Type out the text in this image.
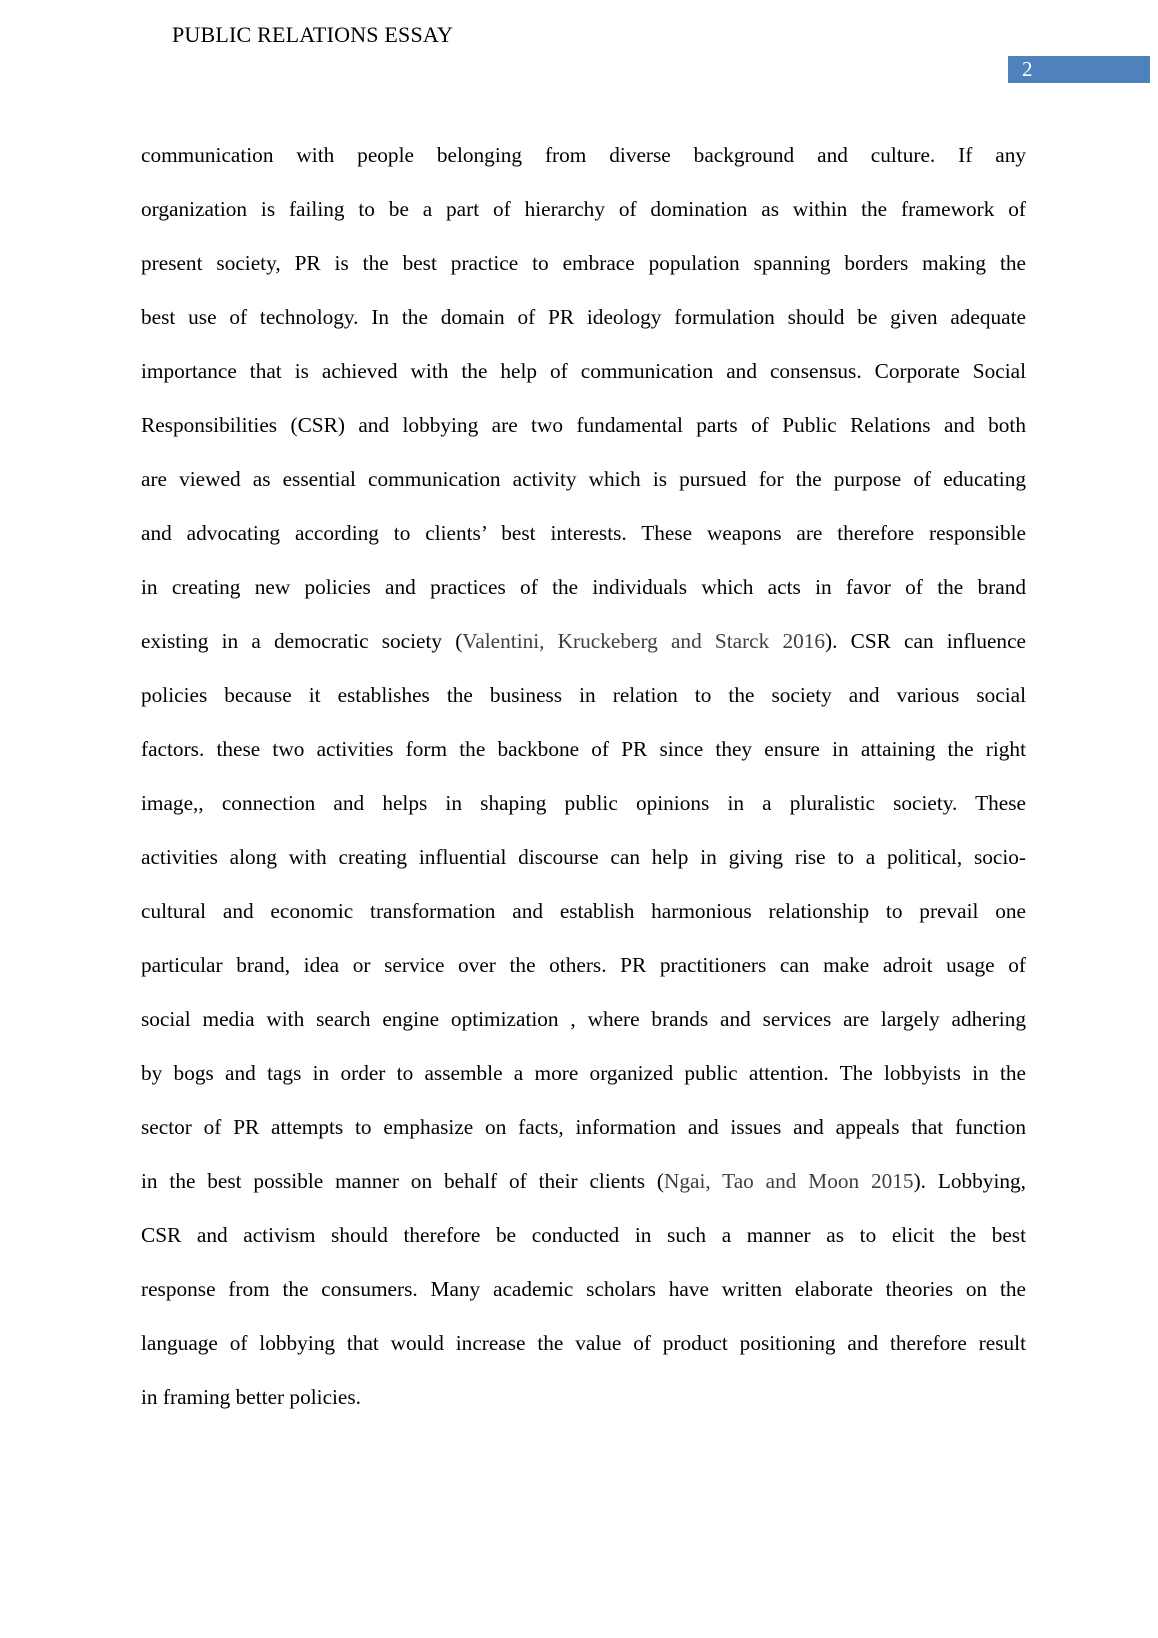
PUBLIC RELATIONS ESSAY
2
communication with people belonging from diverse background and culture. If any
organization is failing to be a part of hierarchy of domination as within the framework of
present society, PR is the best practice to embrace population spanning borders making the
best use of technology. In the domain of PR ideology formulation should be given adequate
importance that is achieved with the help of communication and consensus. Corporate Social
Responsibilities (CSR) and lobbying are two fundamental parts of Public Relations and both
are viewed as essential communication activity which is pursued for the purpose of educating
and advocating according to clients’ best interests. These weapons are therefore responsible
in creating new policies and practices of the individuals which acts in favor of the brand
existing in a democratic society (Valentini, Kruckeberg and Starck 2016). CSR can influence
policies because it establishes the business in relation to the society and various social
factors. these two activities form the backbone of PR since they ensure in attaining the right
image,, connection and helps in shaping public opinions in a pluralistic society. These
activities along with creating influential discourse can help in giving rise to a political, socio-
cultural and economic transformation and establish harmonious relationship to prevail one
particular brand, idea or service over the others. PR practitioners can make adroit usage of
social media with search engine optimization , where brands and services are largely adhering
by bogs and tags in order to assemble a more organized public attention. The lobbyists in the
sector of PR attempts to emphasize on facts, information and issues and appeals that function
in the best possible manner on behalf of their clients (Ngai, Tao and Moon 2015). Lobbying,
CSR and activism should therefore be conducted in such a manner as to elicit the best
response from the consumers. Many academic scholars have written elaborate theories on the
language of lobbying that would increase the value of product positioning and therefore result
in framing better policies.
